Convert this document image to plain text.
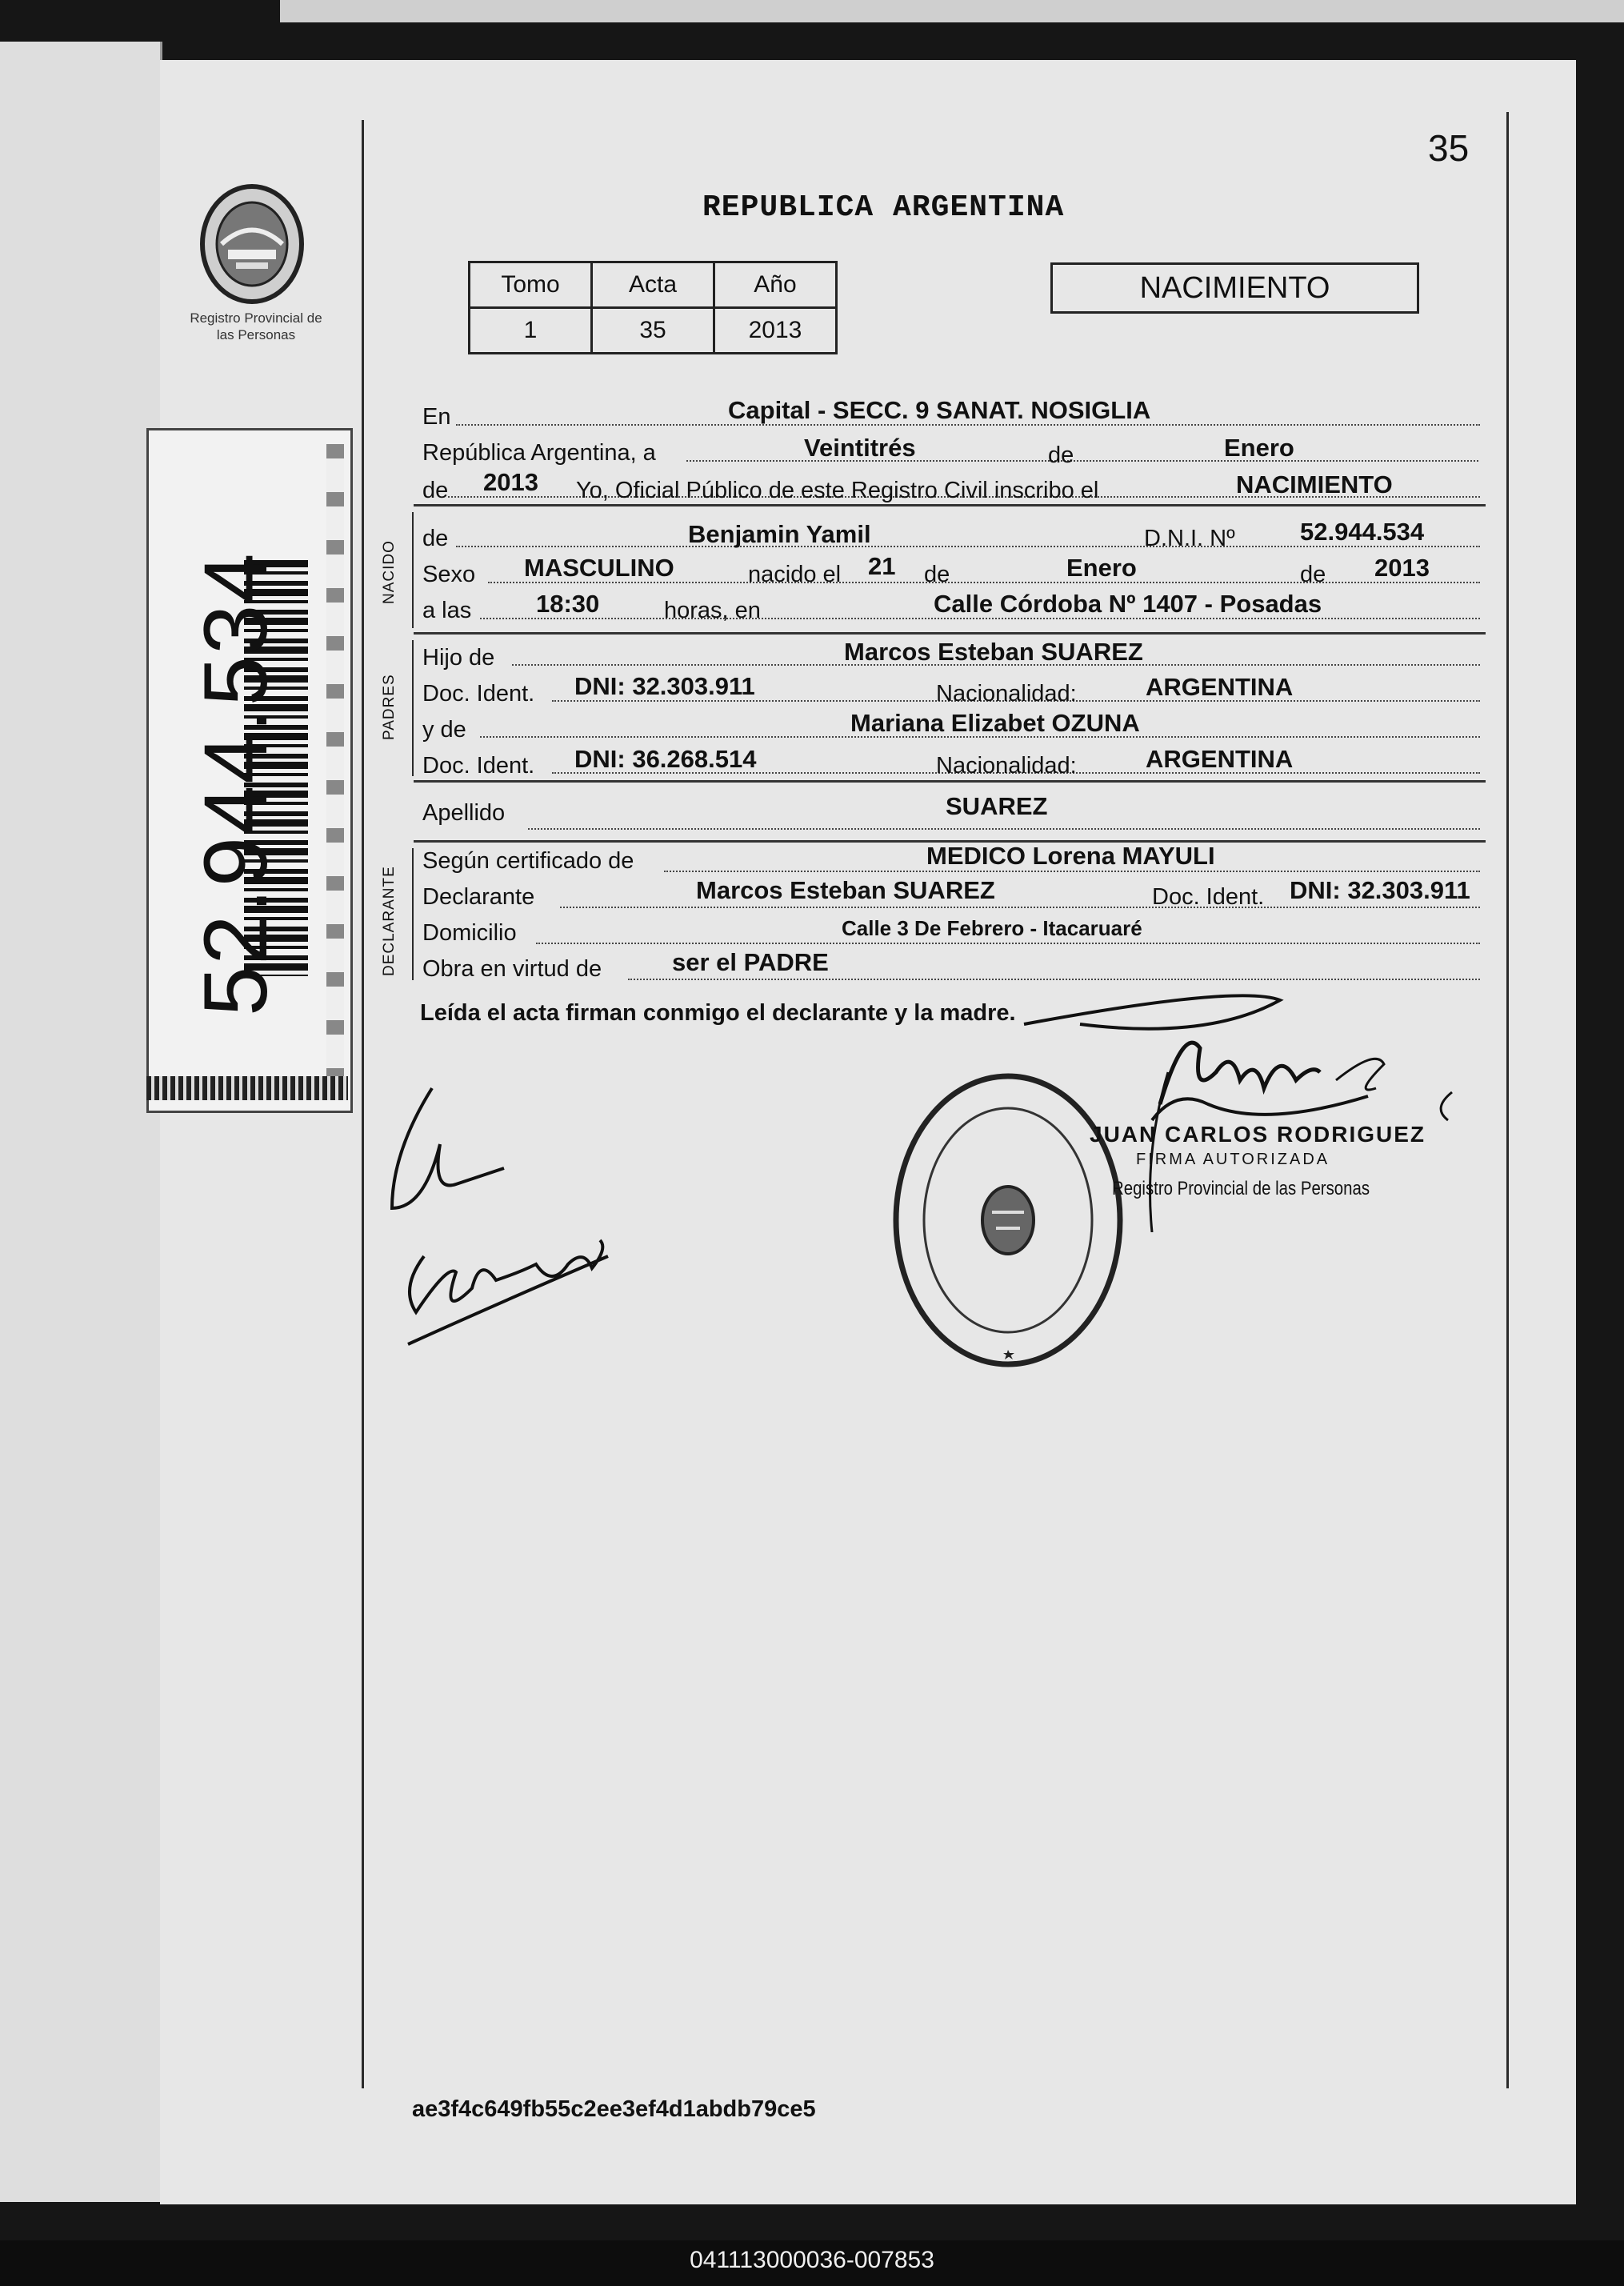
Registro Provincial de las Personas
52.944.534
35
REPUBLICA ARGENTINA
Tomo	Acta	Año
1	35	2013
NACIMIENTO
NACIDO
PADRES
DECLARANTE
En	Capital - SECC. 9 SANAT. NOSIGLIA
República Argentina, a	Veintitrés	de	Enero
de 2013 Yo, Oficial Público de este Registro Civil inscribo el	NACIMIENTO
de	Benjamin Yamil	D.N.I. Nº	52.944.534
Sexo MASCULINO	nacido el 21 de	Enero	de 2013
a las	18:30	horas, en	Calle Córdoba Nº 1407 - Posadas
Hijo de	Marcos Esteban SUAREZ
Doc. Ident. DNI: 32.303.911	Nacionalidad:	ARGENTINA
y de	Mariana Elizabet OZUNA
Doc. Ident. DNI: 36.268.514	Nacionalidad:	ARGENTINA
Apellido	SUAREZ
Según certificado de	MEDICO Lorena MAYULI
Declarante	Marcos Esteban SUAREZ	Doc. Ident. DNI: 32.303.911
Domicilio	Calle 3 De Febrero - Itacaruaré
Obra en virtud de	ser el PADRE
Leída el acta firman conmigo el declarante y la madre.
JUAN CARLOS RODRIGUEZ
FIRMA AUTORIZADA
Registro Provincial de las Personas
ae3f4c649fb55c2ee3ef4d1abdb79ce5
041113000036-007853
